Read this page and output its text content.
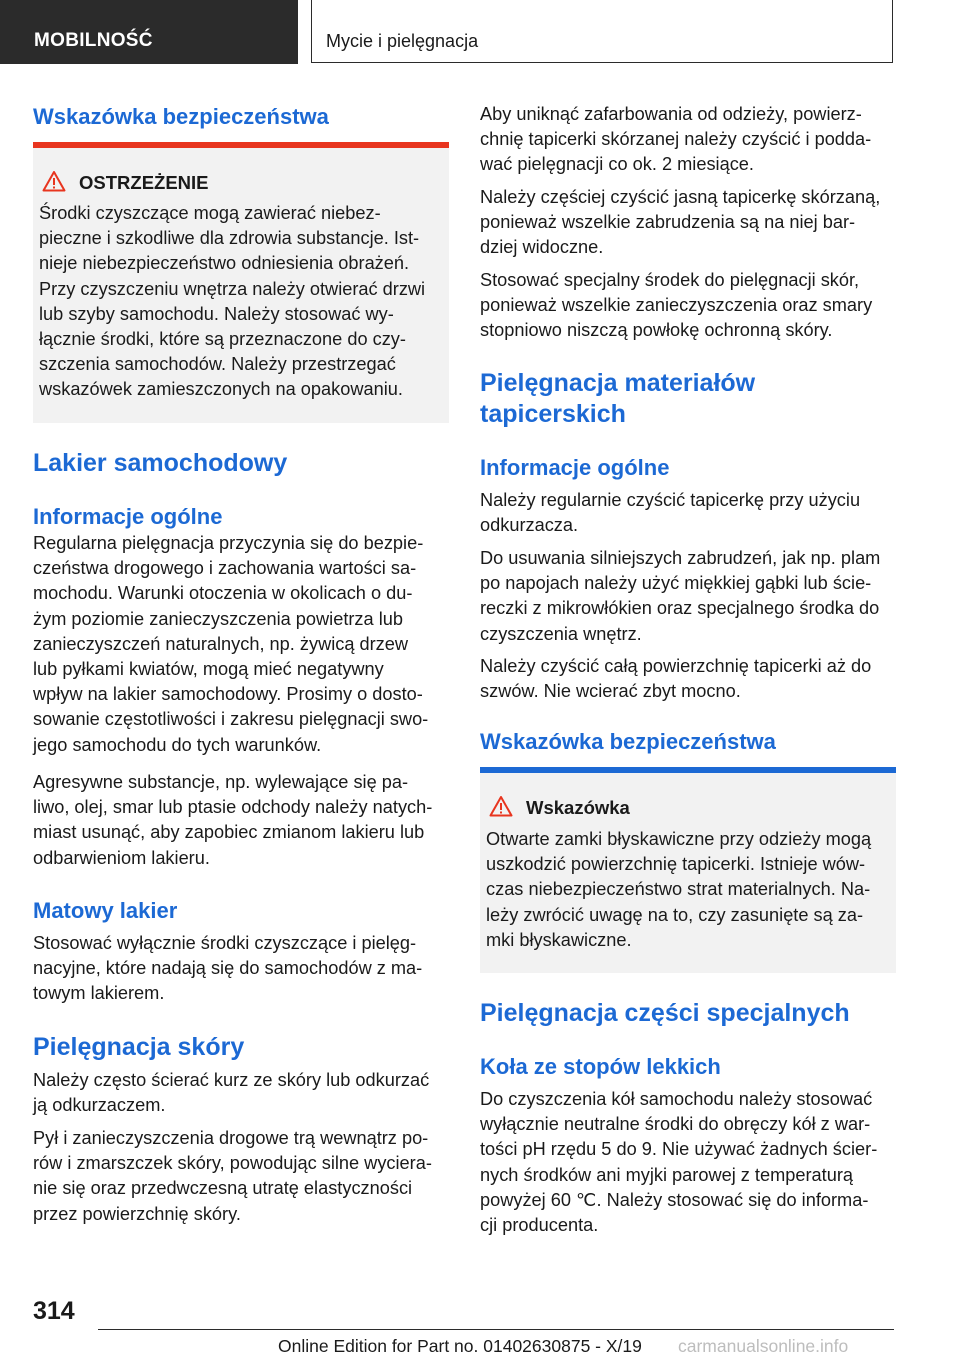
MOBILNOŚĆ	Mycie i pielęgnacja
Wskazówka bezpieczeństwa
OSTRZEŻENIE

Środki czyszczące mogą zawierać niebez-
pieczne i szkodliwe dla zdrowia substancje. Ist-
nieje niebezpieczeństwo odniesienia obrażeń.
Przy czyszczeniu wnętrza należy otwierać drzwi
lub szyby samochodu. Należy stosować wy-
łącznie środki, które są przeznaczone do czy-
szczenia samochodów. Należy przestrzegać
wskazówek zamieszczonych na opakowaniu.

Lakier samochodowy
Informacje ogólne

Regularna pielęgnacja przyczynia się do bezpie-
czeństwa drogowego i zachowania wartości sa-
mochodu. Warunki otoczenia w okolicach o du-
żym poziomie zanieczyszczenia powietrza lub
zanieczyszczeń naturalnych, np. żywicą drzew
lub pyłkami kwiatów, mogą mieć negatywny
wpływ na lakier samochodowy. Prosimy o dosto-
sowanie częstotliwości i zakresu pielęgnacji swo-
jego samochodu do tych warunków.

Agresywne substancje, np. wylewające się pa-
liwo, olej, smar lub ptasie odchody należy natych-
miast usunąć, aby zapobiec zmianom lakieru lub
odbarwieniom lakieru.

Matowy lakier

Stosować wyłącznie środki czyszczące i pielęg-
nacyjne, które nadają się do samochodów z ma-
towym lakierem.

Pielęgnacja skóry

Należy często ścierać kurz ze skóry lub odkurzać
ją odkurzaczem.

Pył i zanieczyszczenia drogowe trą wewnątrz po-
rów i zmarszczek skóry, powodując silne wyciera-
nie się oraz przedwczesną utratę elastyczności
przez powierzchnię skóry.

Aby uniknąć zafarbowania od odzieży, powierz-
chnię tapicerki skórzanej należy czyścić i podda-
wać pielęgnacji co ok. 2 miesiące.

Należy częściej czyścić jasną tapicerkę skórzaną,
ponieważ wszelkie zabrudzenia są na niej bar-
dziej widoczne.

Stosować specjalny środek do pielęgnacji skór,
ponieważ wszelkie zanieczyszczenia oraz smary
stopniowo niszczą powłokę ochronną skóry.

Pielęgnacja materiałów
tapicerskich
Informacje ogólne

Należy regularnie czyścić tapicerkę przy użyciu
odkurzacza.

Do usuwania silniejszych zabrudzeń, jak np. plam
po napojach należy użyć miękkiej gąbki lub ście-
reczki z mikrowłókien oraz specjalnego środka do
czyszczenia wnętrz.

Należy czyścić całą powierzchnię tapicerki aż do
szwów. Nie wcierać zbyt mocno.

Wskazówka bezpieczeństwa
Wskazówka

Otwarte zamki błyskawiczne przy odzieży mogą
uszkodzić powierzchnię tapicerki. Istnieje wów-
czas niebezpieczeństwo strat materialnych. Na-
leży zwrócić uwagę na to, czy zasunięte są za-
mki błyskawiczne.

Pielęgnacja części specjalnych
Koła ze stopów lekkich

Do czyszczenia kół samochodu należy stosować
wyłącznie neutralne środki do obręczy kół z war-
tości pH rzędu 5 do 9. Nie używać żadnych ścier-
nych środków ani myjki parowej z temperaturą
powyżej 60 ℃. Należy stosować się do informa-
cji producenta.

314
Online Edition for Part no. 01402630875 - X/19 carmanualsonline.info
